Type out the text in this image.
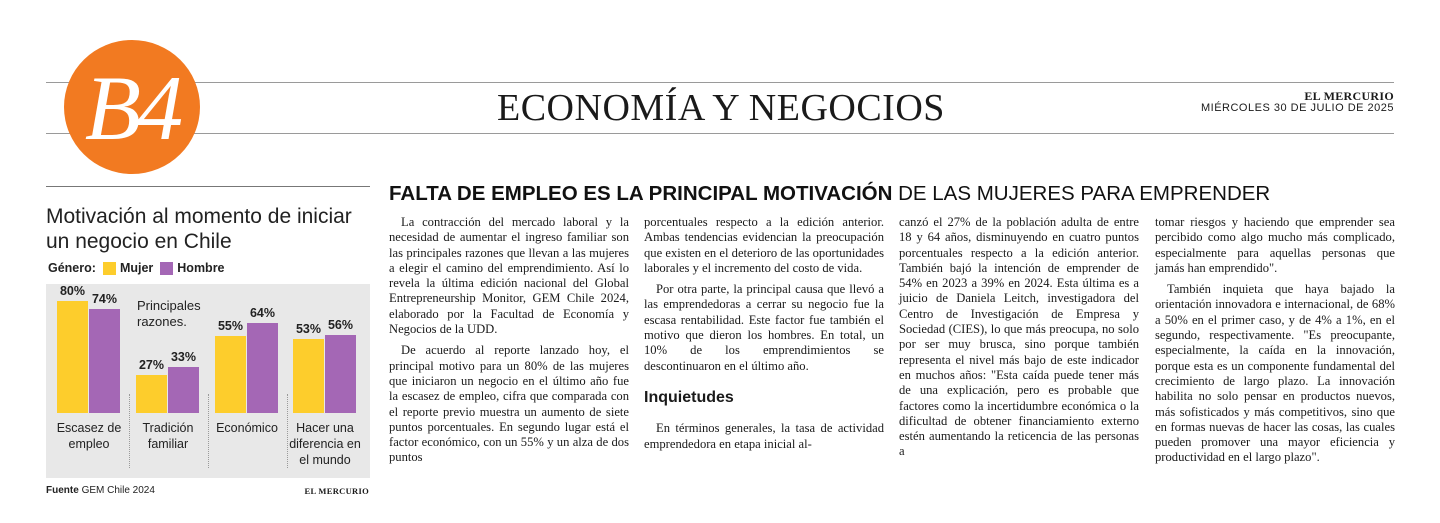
B4	ECONOMÍA Y NEGOCIOS	EL MERCURIO
MIÉRCOLES 30 DE JULIO DE 2025
Motivación al momento de iniciar un negocio en Chile
Género: Mujer Hombre
Principales razones.
80%
74%
Escasez de empleo
27%
33%
Tradición familiar
55%
64%
Económico
53% 56%
Hacer una diferencia en el mundo
Fuente GEM Chile 2024	EL MERCURIO
FALTA DE EMPLEO ES LA PRINCIPAL MOTIVACIÓN DE LAS MUJERES PARA EMPRENDER

La contracción del mercado laboral y la necesidad de aumentar el ingreso familiar son las principales razones que llevan a las mujeres a elegir el camino del emprendimiento. Así lo revela la última edición nacional del Global Entrepreneurship Monitor, GEM Chile 2024, elaborado por la Facultad de Economía y Negocios de la UDD.

De acuerdo al reporte lanzado hoy, el principal motivo para un 80% de las mujeres que iniciaron un negocio en el último año fue la escasez de empleo, cifra que comparada con el reporte previo muestra un aumento de siete puntos porcentuales. En segundo lugar está el factor económico, con un 55% y un alza de dos puntos

porcentuales respecto a la edición anterior. Ambas tendencias evidencian la preocupación que existen en el deterioro de las oportunidades laborales y el incremento del costo de vida.

Por otra parte, la principal causa que llevó a las emprendedoras a cerrar su negocio fue la escasa rentabilidad. Este factor fue también el motivo que dieron los hombres. En total, un 10% de los emprendimientos se descontinuaron en el último año.

Inquietudes

En términos generales, la tasa de actividad emprendedora en etapa inicial al-

canzó el 27% de la población adulta de entre 18 y 64 años, disminuyendo en cuatro puntos porcentuales respecto a la edición anterior. También bajó la intención de emprender de 54% en 2023 a 39% en 2024. Esta última es a juicio de Daniela Leitch, investigadora del Centro de Investigación de Empresa y Sociedad (CIES), lo que más preocupa, no solo por ser muy brusca, sino porque también representa el nivel más bajo de este indicador en muchos años: "Esta caída puede tener más de una explicación, pero es probable que factores como la incertidumbre económica o la dificultad de obtener financiamiento externo estén aumentando la reticencia de las personas a

tomar riesgos y haciendo que emprender sea percibido como algo mucho más complicado, especialmente para aquellas personas que jamás han emprendido".

También inquieta que haya bajado la orientación innovadora e internacional, de 68% a 50% en el primer caso, y de 4% a 1%, en el segundo, respectivamente. "Es preocupante, especialmente, la caída en la innovación, porque esta es un componente fundamental del crecimiento de largo plazo. La innovación habilita no solo pensar en productos nuevos, más sofisticados y más competitivos, sino que en formas nuevas de hacer las cosas, las cuales pueden promover una mayor eficiencia y productividad en el largo plazo".
